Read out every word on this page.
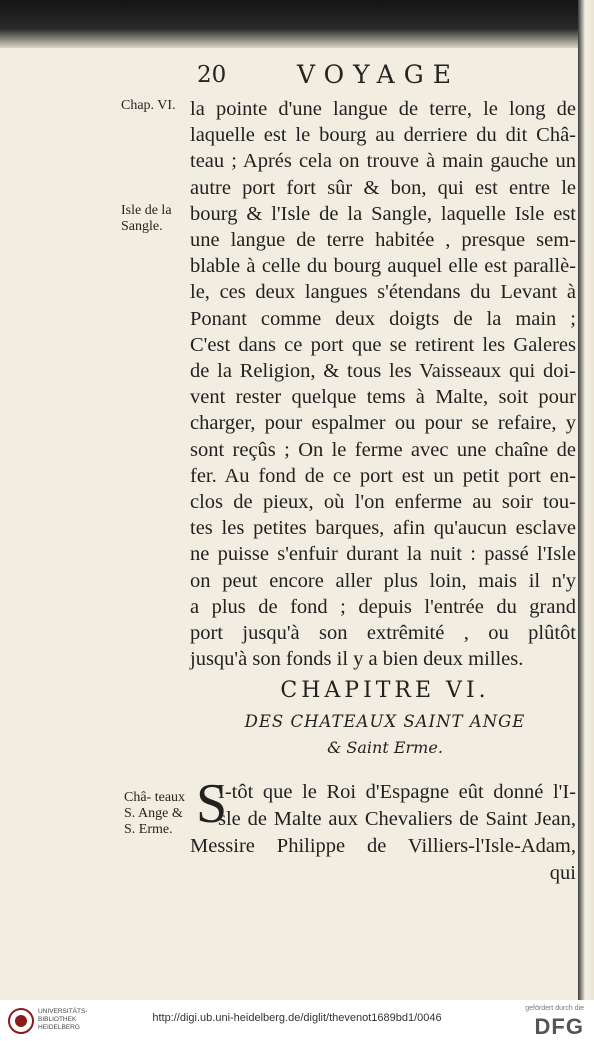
20	VOYAGE
Chap. VI.
Isle de la Sangle.
Châ- teaux S. Ange & S. Erme.
la pointe d'une langue de terre, le long de
laquelle est le bourg au derriere du dit Châ-
teau ; Aprés cela on trouve à main gauche un
autre port fort sûr & bon, qui est entre le
bourg & l'Isle de la Sangle, laquelle Isle est
une langue de terre habitée , presque sem-
blable à celle du bourg auquel elle est parallè-
le, ces deux langues s'étendans du Levant à
Ponant comme deux doigts de la main ;
C'est dans ce port que se retirent les Galeres
de la Religion, & tous les Vaisseaux qui doi-
vent rester quelque tems à Malte, soit pour
charger, pour espalmer ou pour se refaire, y
sont reçûs ; On le ferme avec une chaîne de
fer. Au fond de ce port est un petit port en-
clos de pieux, où l'on enferme au soir tou-
tes les petites barques, afin qu'aucun esclave
ne puisse s'enfuir durant la nuit : passé l'Isle
on peut encore aller plus loin, mais il n'y
a plus de fond ; depuis l'entrée du grand
port jusqu'à son extrêmité , ou plûtôt
jusqu'à son fonds il y a bien deux milles.
CHAPITRE VI.
DES CHATEAUX SAINT ANGE
& Saint Erme.
S
I-tôt que le Roi d'Espagne eût donné l'I-
sle de Malte aux Chevaliers de Saint Jean,
Messire Philippe de Villiers-l'Isle-Adam,
qui
UNIVERSITÄTS- BIBLIOTHEK HEIDELBERG
http://digi.ub.uni-heidelberg.de/diglit/thevenot1689bd1/0046
gefördert durch die
DFG
